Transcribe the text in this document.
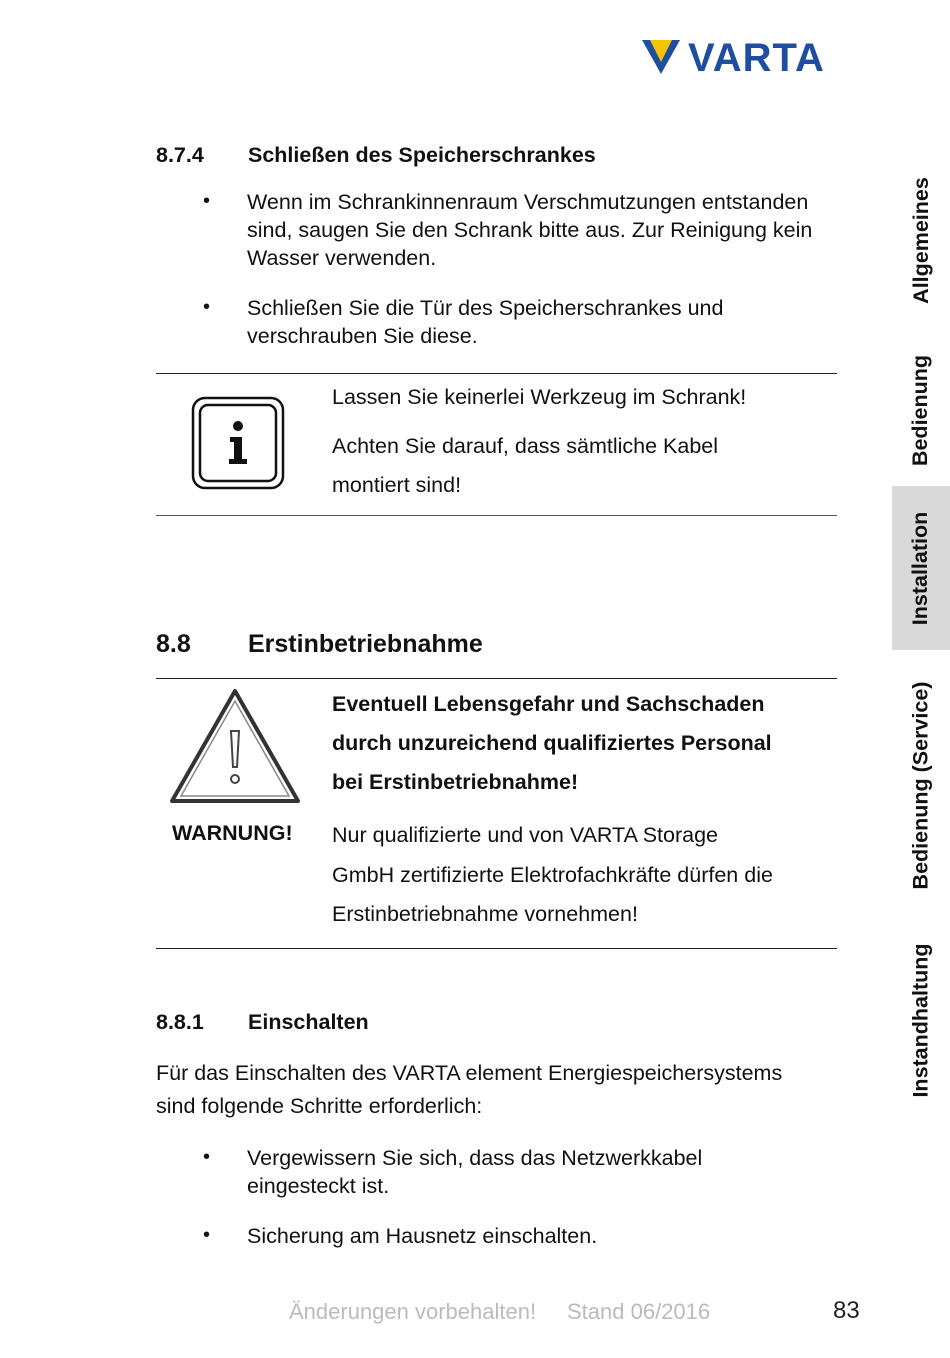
VARTA
8.7.4 Schließen des Speicherschrankes
• Wenn im Schrankinnenraum Verschmutzungen entstanden sind, saugen Sie den Schrank bitte aus. Zur Reinigung kein Wasser verwenden.
• Schließen Sie die Tür des Speicherschrankes und verschrauben Sie diese.
Lassen Sie keinerlei Werkzeug im Schrank!
Achten Sie darauf, dass sämtliche Kabel
montiert sind!
8.8 Erstinbetriebnahme
WARNUNG!
Eventuell Lebensgefahr und Sachschaden
durch unzureichend qualifiziertes Personal
bei Erstinbetriebnahme!
Nur qualifizierte und von VARTA Storage
GmbH zertifizierte Elektrofachkräfte dürfen die
Erstinbetriebnahme vornehmen!
8.8.1 Einschalten
Für das Einschalten des VARTA element Energiespeichersystems
sind folgende Schritte erforderlich:
• Vergewissern Sie sich, dass das Netzwerkkabel eingesteckt ist.
• Sicherung am Hausnetz einschalten.
Allgemeines
Bedienung
Installation
Bedienung (Service)
Instandhaltung
Änderungen vorbehalten! Stand 06/2016	83
